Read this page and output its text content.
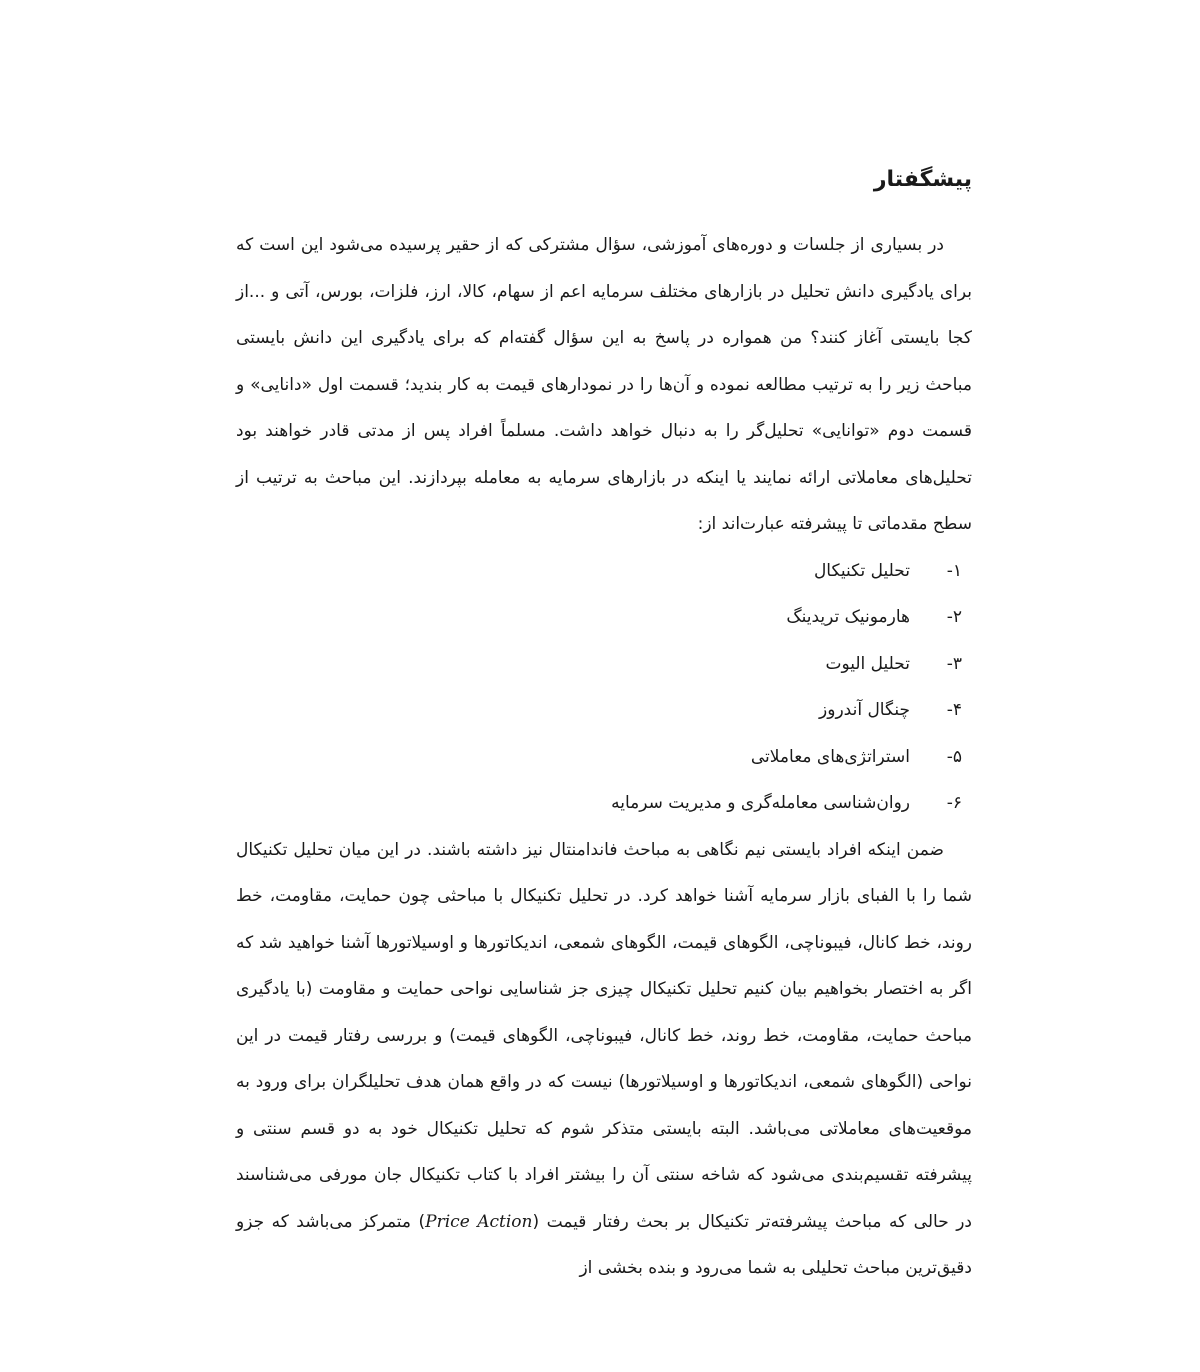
پیشگفتار

در بسیاری از جلسات و دوره‌های آموزشی، سؤال مشترکی که از حقیر پرسیده می‌شود این است که برای یادگیری دانش تحلیل در بازارهای مختلف سرمایه اعم از سهام، کالا، ارز، فلزات، بورس، آتی و ...از کجا بایستی آغاز کنند؟ من همواره در پاسخ به این سؤال گفته‌ام که برای یادگیری این دانش بایستی مباحث زیر را به ترتیب مطالعه نموده و آن‌ها را در نمودارهای قیمت به کار بندید؛ قسمت اول «دانایی» و قسمت دوم «توانایی» تحلیل‌گر را به دنبال خواهد داشت. مسلماً افراد پس از مدتی قادر خواهند بود تحلیل‌های معاملاتی ارائه نمایند یا اینکه در بازارهای سرمایه به معامله بپردازند. این مباحث به ترتیب از سطح مقدماتی تا پیشرفته عبارت‌اند از:

۱-
تحلیل تکنیکال
۲-
هارمونیک تریدینگ
۳-
تحلیل الیوت
۴-
چنگال آندروز
۵-
استراتژی‌های معاملاتی
۶-
روان‌شناسی معامله‌گری و مدیریت سرمایه

ضمن اینکه افراد بایستی نیم نگاهی به مباحث فاندامنتال نیز داشته باشند. در این میان تحلیل تکنیکال شما را با الفبای بازار سرمایه آشنا خواهد کرد. در تحلیل تکنیکال با مباحثی چون حمایت، مقاومت، خط روند، خط کانال، فیبوناچی، الگوهای قیمت، الگوهای شمعی، اندیکاتورها و اوسیلاتورها آشنا خواهید شد که اگر به اختصار بخواهیم بیان کنیم تحلیل تکنیکال چیزی جز شناسایی نواحی حمایت و مقاومت (با یادگیری مباحث حمایت، مقاومت، خط روند، خط کانال، فیبوناچی، الگوهای قیمت) و بررسی رفتار قیمت در این نواحی (الگوهای شمعی، اندیکاتورها و اوسیلاتورها) نیست که در واقع همان هدف تحلیلگران برای ورود به موقعیت‌های معاملاتی می‌باشد. البته بایستی متذکر شوم که تحلیل تکنیکال خود به دو قسم سنتی و پیشرفته تقسیم‌بندی می‌شود که شاخه سنتی آن را بیشتر افراد با کتاب تکنیکال جان مورفی می‌شناسند در حالی که مباحث پیشرفته‌تر تکنیکال بر بحث رفتار قیمت (Price Action) متمرکز می‌باشد که جزو دقیق‌ترین مباحث تحلیلی به شما می‌رود و بنده بخشی از
